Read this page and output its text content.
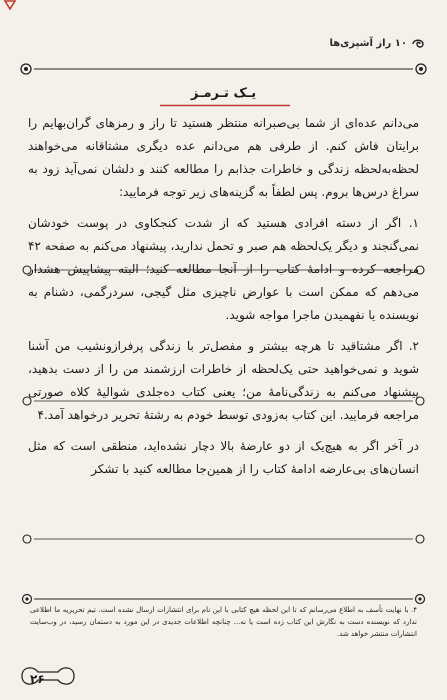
۱۰ راز آشپزی‌ها
یـک تـرمـز

می‌دانم عده‌ای از شما بی‌صبرانه منتظر هستید تا راز و رمزهای گران‌بهایم را برایتان فاش کنم. از طرفی هم می‌دانم عده دیگری مشتاقانه می‌خواهند لحظه‌به‌لحظه زندگی و خاطرات جذابم را مطالعه کنند و دلشان نمی‌آید زود به سراغ درس‌ها بروم. پس لطفاً به گزینه‌های زیر توجه فرمایید:

۱. اگر از دسته افرادی هستید که از شدت کنجکاوی در پوست خودشان نمی‌گنجند و دیگر یک‌لحظه هم صبر و تحمل ندارید، پیشنهاد می‌کنم به صفحه ۴۲ مراجعه کرده و ادامهٔ کتاب را از آنجا مطالعه کنید؛ البته پیشاپیش هشدار می‌دهم که ممکن است با عوارض ناچیزی مثل گیجی، سردرگمی، دشنام به نویسنده یا نفهمیدن ماجرا مواجه شوید.

۲. اگر مشتاقید تا هرچه بیشتر و مفصل‌تر با زندگی پرفرازونشیب من آشنا شوید و نمی‌خواهید حتی یک‌لحظه از خاطرات ارزشمند من را از دست بدهید، پیشنهاد می‌کنم به زندگی‌نامهٔ من؛ یعنی کتاب ده‌جلدی شوالیهٔ کلاه صورتی مراجعه فرمایید. این کتاب به‌زودی توسط خودم به رشتهٔ تحریر درخواهد آمد.۴

در آخر اگر به هیچ‌یک از دو عارضهٔ بالا دچار نشده‌اید، منطقی است که مثل انسان‌های بی‌عارضه ادامهٔ کتاب را از همین‌جا مطالعه کنید با تشکر

۴. با نهایت تأسف به اطلاع می‌رسانم که تا این لحظه هیچ کتابی با این نام برای انتشارات ارسال نشده است. تیم تحریریه ما اطلاعی ندارد که نویسنده دست به نگارش این کتاب زده است یا نه... چنانچه اطلاعات جدیدی در این مورد به دستمان رسید، در وب‌سایت انتشارات منتشر خواهد شد.
۲۶
